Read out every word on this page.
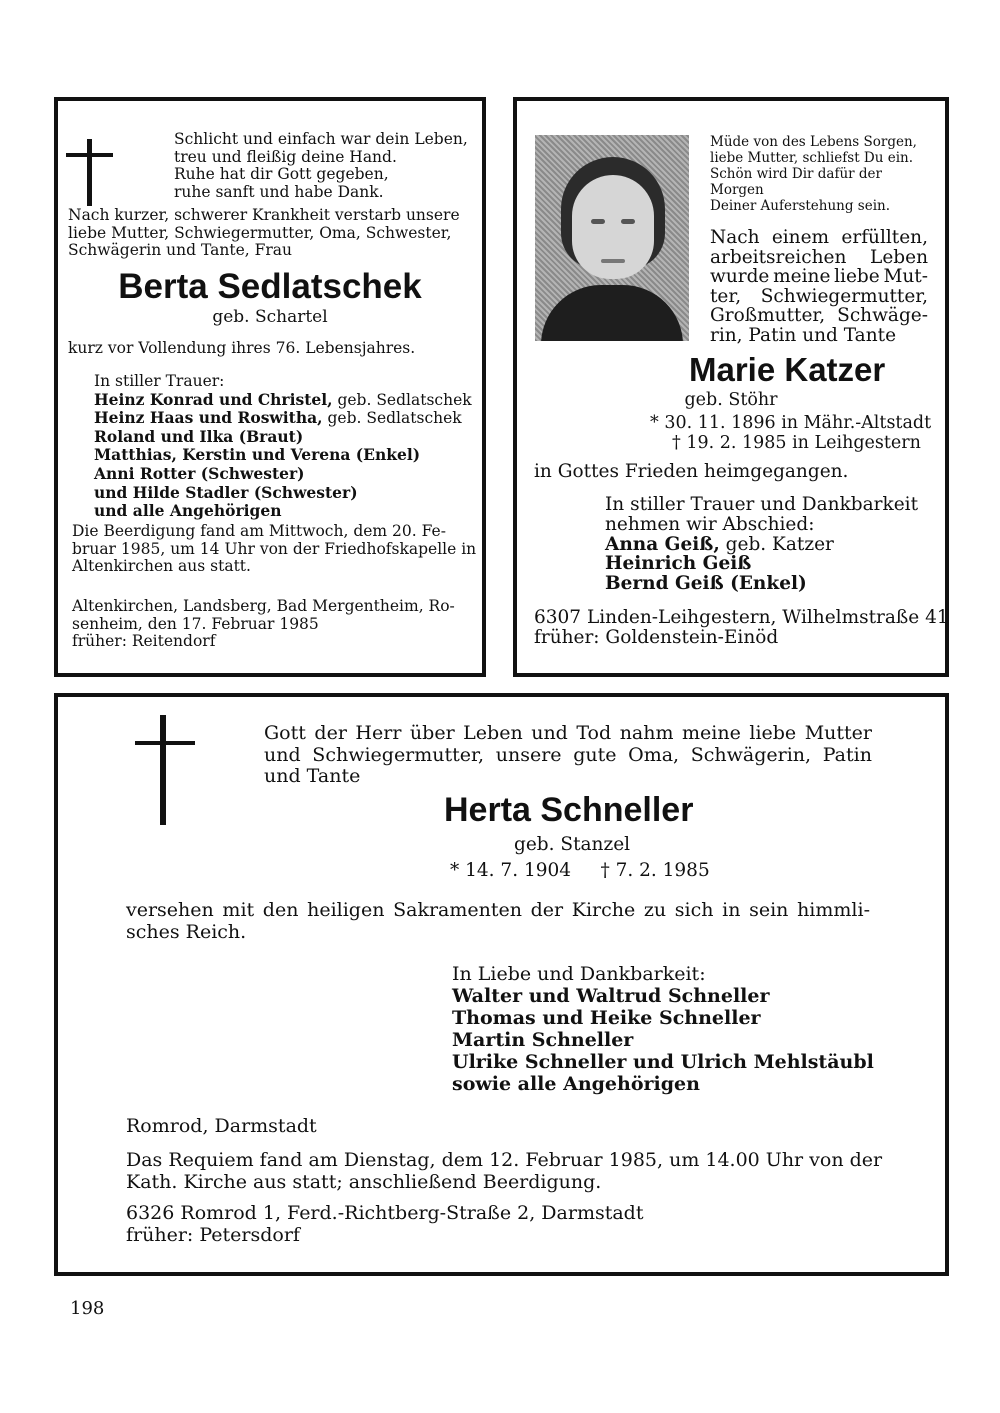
Schlicht und einfach war dein Leben,
treu und fleißig deine Hand.
Ruhe hat dir Gott gegeben,
ruhe sanft und habe Dank.
Nach kurzer, schwerer Krankheit verstarb unsere
liebe Mutter, Schwiegermutter, Oma, Schwester,
Schwägerin und Tante, Frau
Berta Sedlatschek
geb. Schartel
kurz vor Vollendung ihres 76. Lebensjahres.
In stiller Trauer:
Heinz Konrad und Christel, geb. Sedlatschek
Heinz Haas und Roswitha, geb. Sedlatschek
Roland und Ilka (Braut)
Matthias, Kerstin und Verena (Enkel)
Anni Rotter (Schwester)
und Hilde Stadler (Schwester)
und alle Angehörigen
Die Beerdigung fand am Mittwoch, dem 20. Fe-
bruar 1985, um 14 Uhr von der Friedhofskapelle in
Altenkirchen aus statt.
Altenkirchen, Landsberg, Bad Mergentheim, Ro-
senheim, den 17. Februar 1985
früher: Reitendorf
Müde von des Lebens Sorgen,
liebe Mutter, schliefst Du ein.
Schön wird Dir dafür der
Morgen
Deiner Auferstehung sein.
Nach einem erfüllten,
arbeitsreichen Leben
wurde meine liebe Mut-
ter, Schwiegermutter,
Großmutter, Schwäge-
rin, Patin und Tante
Marie Katzer
geb. Stöhr
* 30. 11. 1896 in Mähr.-Altstadt
† 19. 2. 1985 in Leihgestern
in Gottes Frieden heimgegangen.
In stiller Trauer und Dankbarkeit
nehmen wir Abschied:
Anna Geiß, geb. Katzer
Heinrich Geiß
Bernd Geiß (Enkel)
6307 Linden-Leihgestern, Wilhelmstraße 41
früher: Goldenstein-Einöd
Gott der Herr über Leben und Tod nahm meine liebe Mutter
und Schwiegermutter, unsere gute Oma, Schwägerin, Patin
und Tante
Herta Schneller
geb. Stanzel
* 14. 7. 1904     † 7. 2. 1985
versehen mit den heiligen Sakramenten der Kirche zu sich in sein himmli-
sches Reich.
In Liebe und Dankbarkeit:
Walter und Waltrud Schneller
Thomas und Heike Schneller
Martin Schneller
Ulrike Schneller und Ulrich Mehlstäubl
sowie alle Angehörigen
Romrod, Darmstadt
Das Requiem fand am Dienstag, dem 12. Februar 1985, um 14.00 Uhr von der
Kath. Kirche aus statt; anschließend Beerdigung.
6326 Romrod 1, Ferd.-Richtberg-Straße 2, Darmstadt
früher: Petersdorf
198
